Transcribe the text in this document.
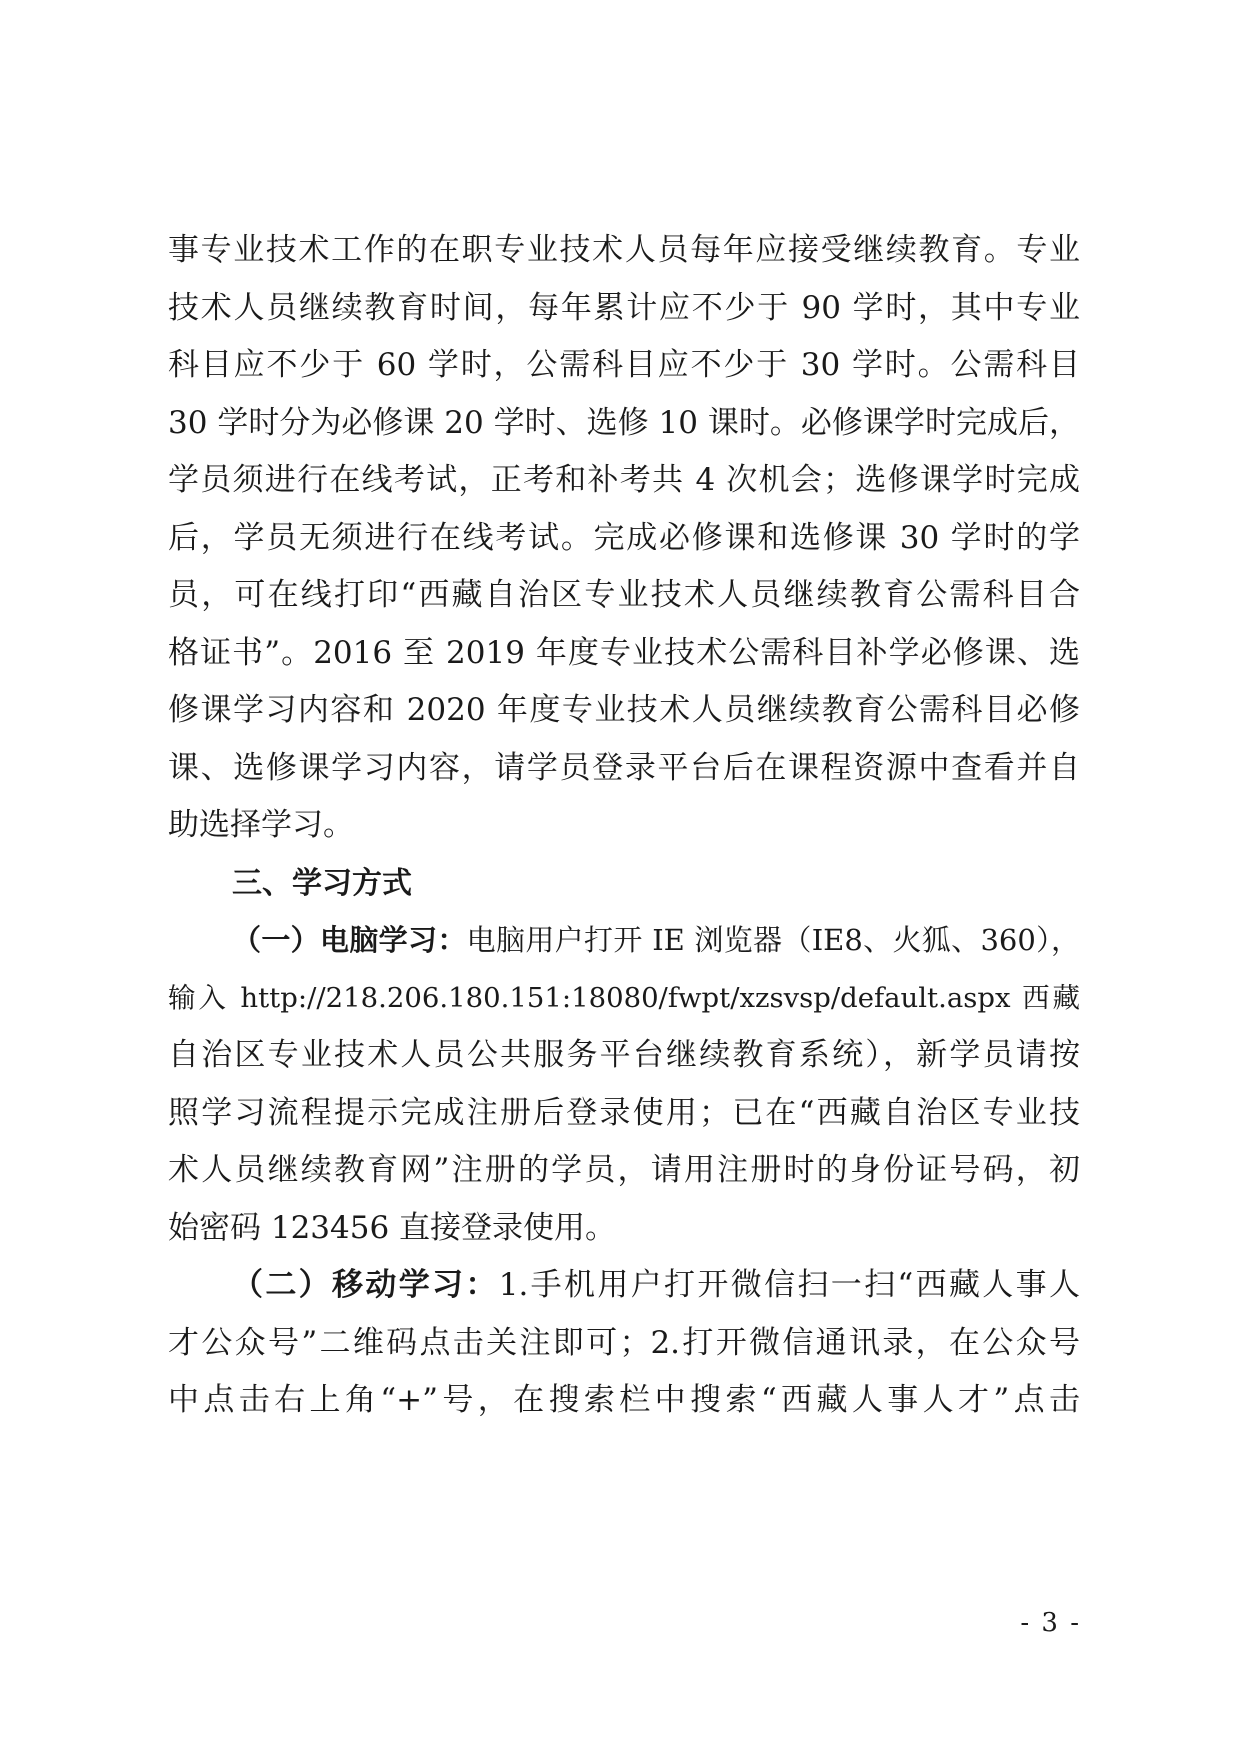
事专业技术工作的在职专业技术人员每年应接受继续教育。专业
技术人员继续教育时间，每年累计应不少于 90 学时，其中专业
科目应不少于 60 学时，公需科目应不少于 30 学时。公需科目
30 学时分为必修课 20 学时、选修 10 课时。必修课学时完成后，
学员须进行在线考试，正考和补考共 4 次机会；选修课学时完成
后，学员无须进行在线考试。完成必修课和选修课 30 学时的学
员，可在线打印“西藏自治区专业技术人员继续教育公需科目合
格证书”。2016 至 2019 年度专业技术公需科目补学必修课、选
修课学习内容和 2020 年度专业技术人员继续教育公需科目必修
课、选修课学习内容，请学员登录平台后在课程资源中查看并自
助选择学习。
三、学习方式
（一）电脑学习：电脑用户打开 IE 浏览器（IE8、火狐、360），
输入 http://218.206.180.151:18080/fwpt/xzsvsp/default.aspx 西藏
自治区专业技术人员公共服务平台继续教育系统），新学员请按
照学习流程提示完成注册后登录使用；已在“西藏自治区专业技
术人员继续教育网”注册的学员，请用注册时的身份证号码，初
始密码 123456 直接登录使用。
（二）移动学习：1.手机用户打开微信扫一扫“西藏人事人
才公众号”二维码点击关注即可；2.打开微信通讯录，在公众号
中点击右上角“+”号，在搜索栏中搜索“西藏人事人才”点击
- 3 -
